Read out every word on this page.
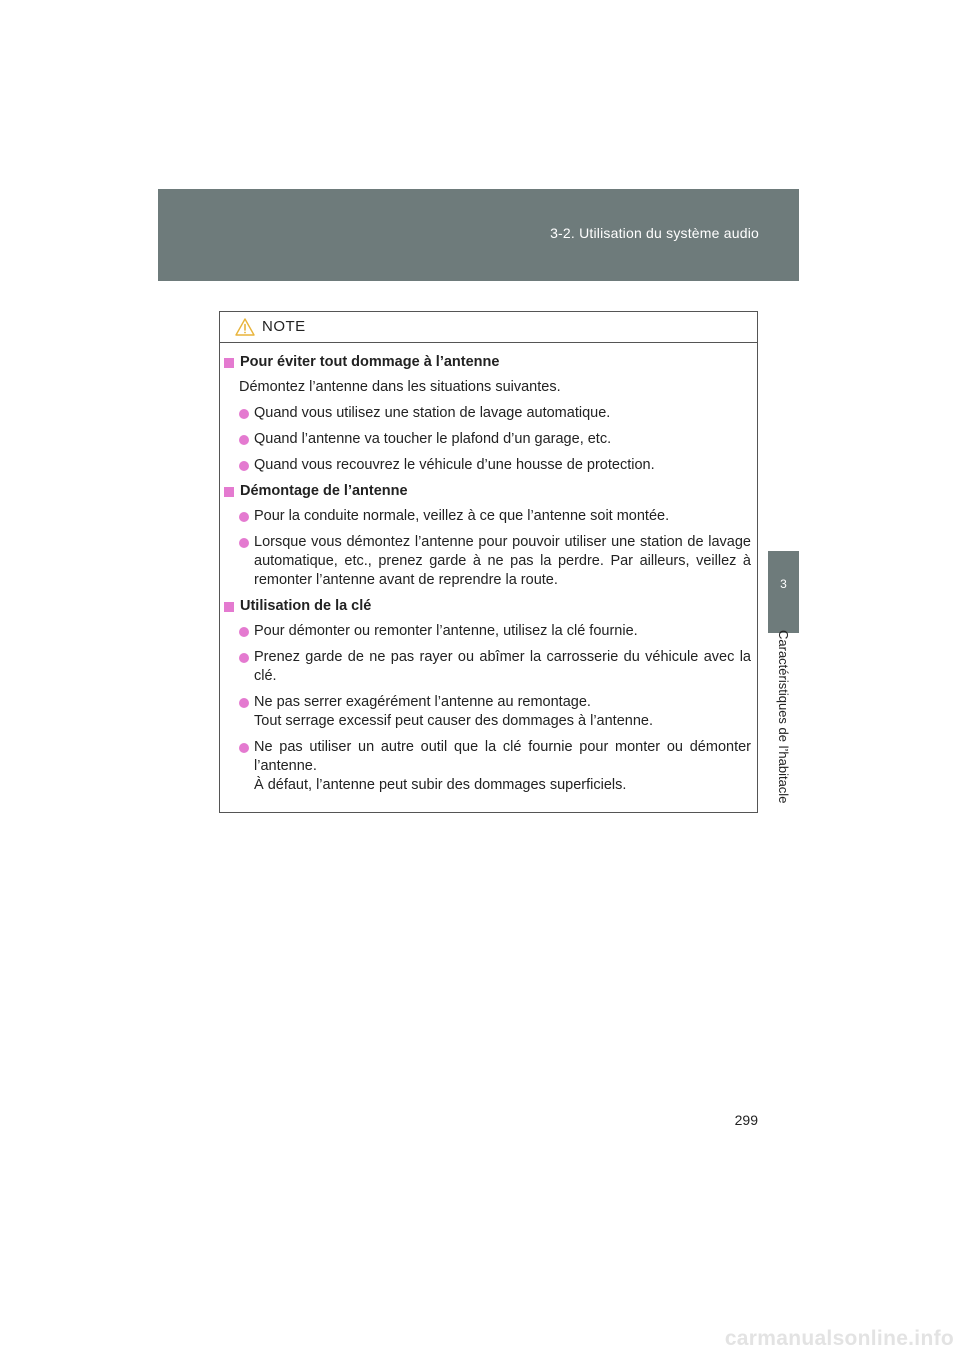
3-2. Utilisation du système audio
3
Caractéristiques de l’habitacle
NOTE
Pour éviter tout dommage à l’antenne
Démontez l’antenne dans les situations suivantes.
Quand vous utilisez une station de lavage automatique.
Quand l’antenne va toucher le plafond d’un garage, etc.
Quand vous recouvrez le véhicule d’une housse de protection.
Démontage de l’antenne
Pour la conduite normale, veillez à ce que l’antenne soit montée.
Lorsque vous démontez l’antenne pour pouvoir utiliser une station de lavage automatique, etc., prenez garde à ne pas la perdre. Par ailleurs, veillez à remonter l’antenne avant de reprendre la route.
Utilisation de la clé
Pour démonter ou remonter l’antenne, utilisez la clé fournie.
Prenez garde de ne pas rayer ou abîmer la carrosserie du véhicule avec la clé.
Ne pas serrer exagérément l’antenne au remontage.
Tout serrage excessif peut causer des dommages à l’antenne.
Ne pas utiliser un autre outil que la clé fournie pour monter ou démonter l’antenne.
À défaut, l’antenne peut subir des dommages superficiels.
299
carmanualsonline.info
